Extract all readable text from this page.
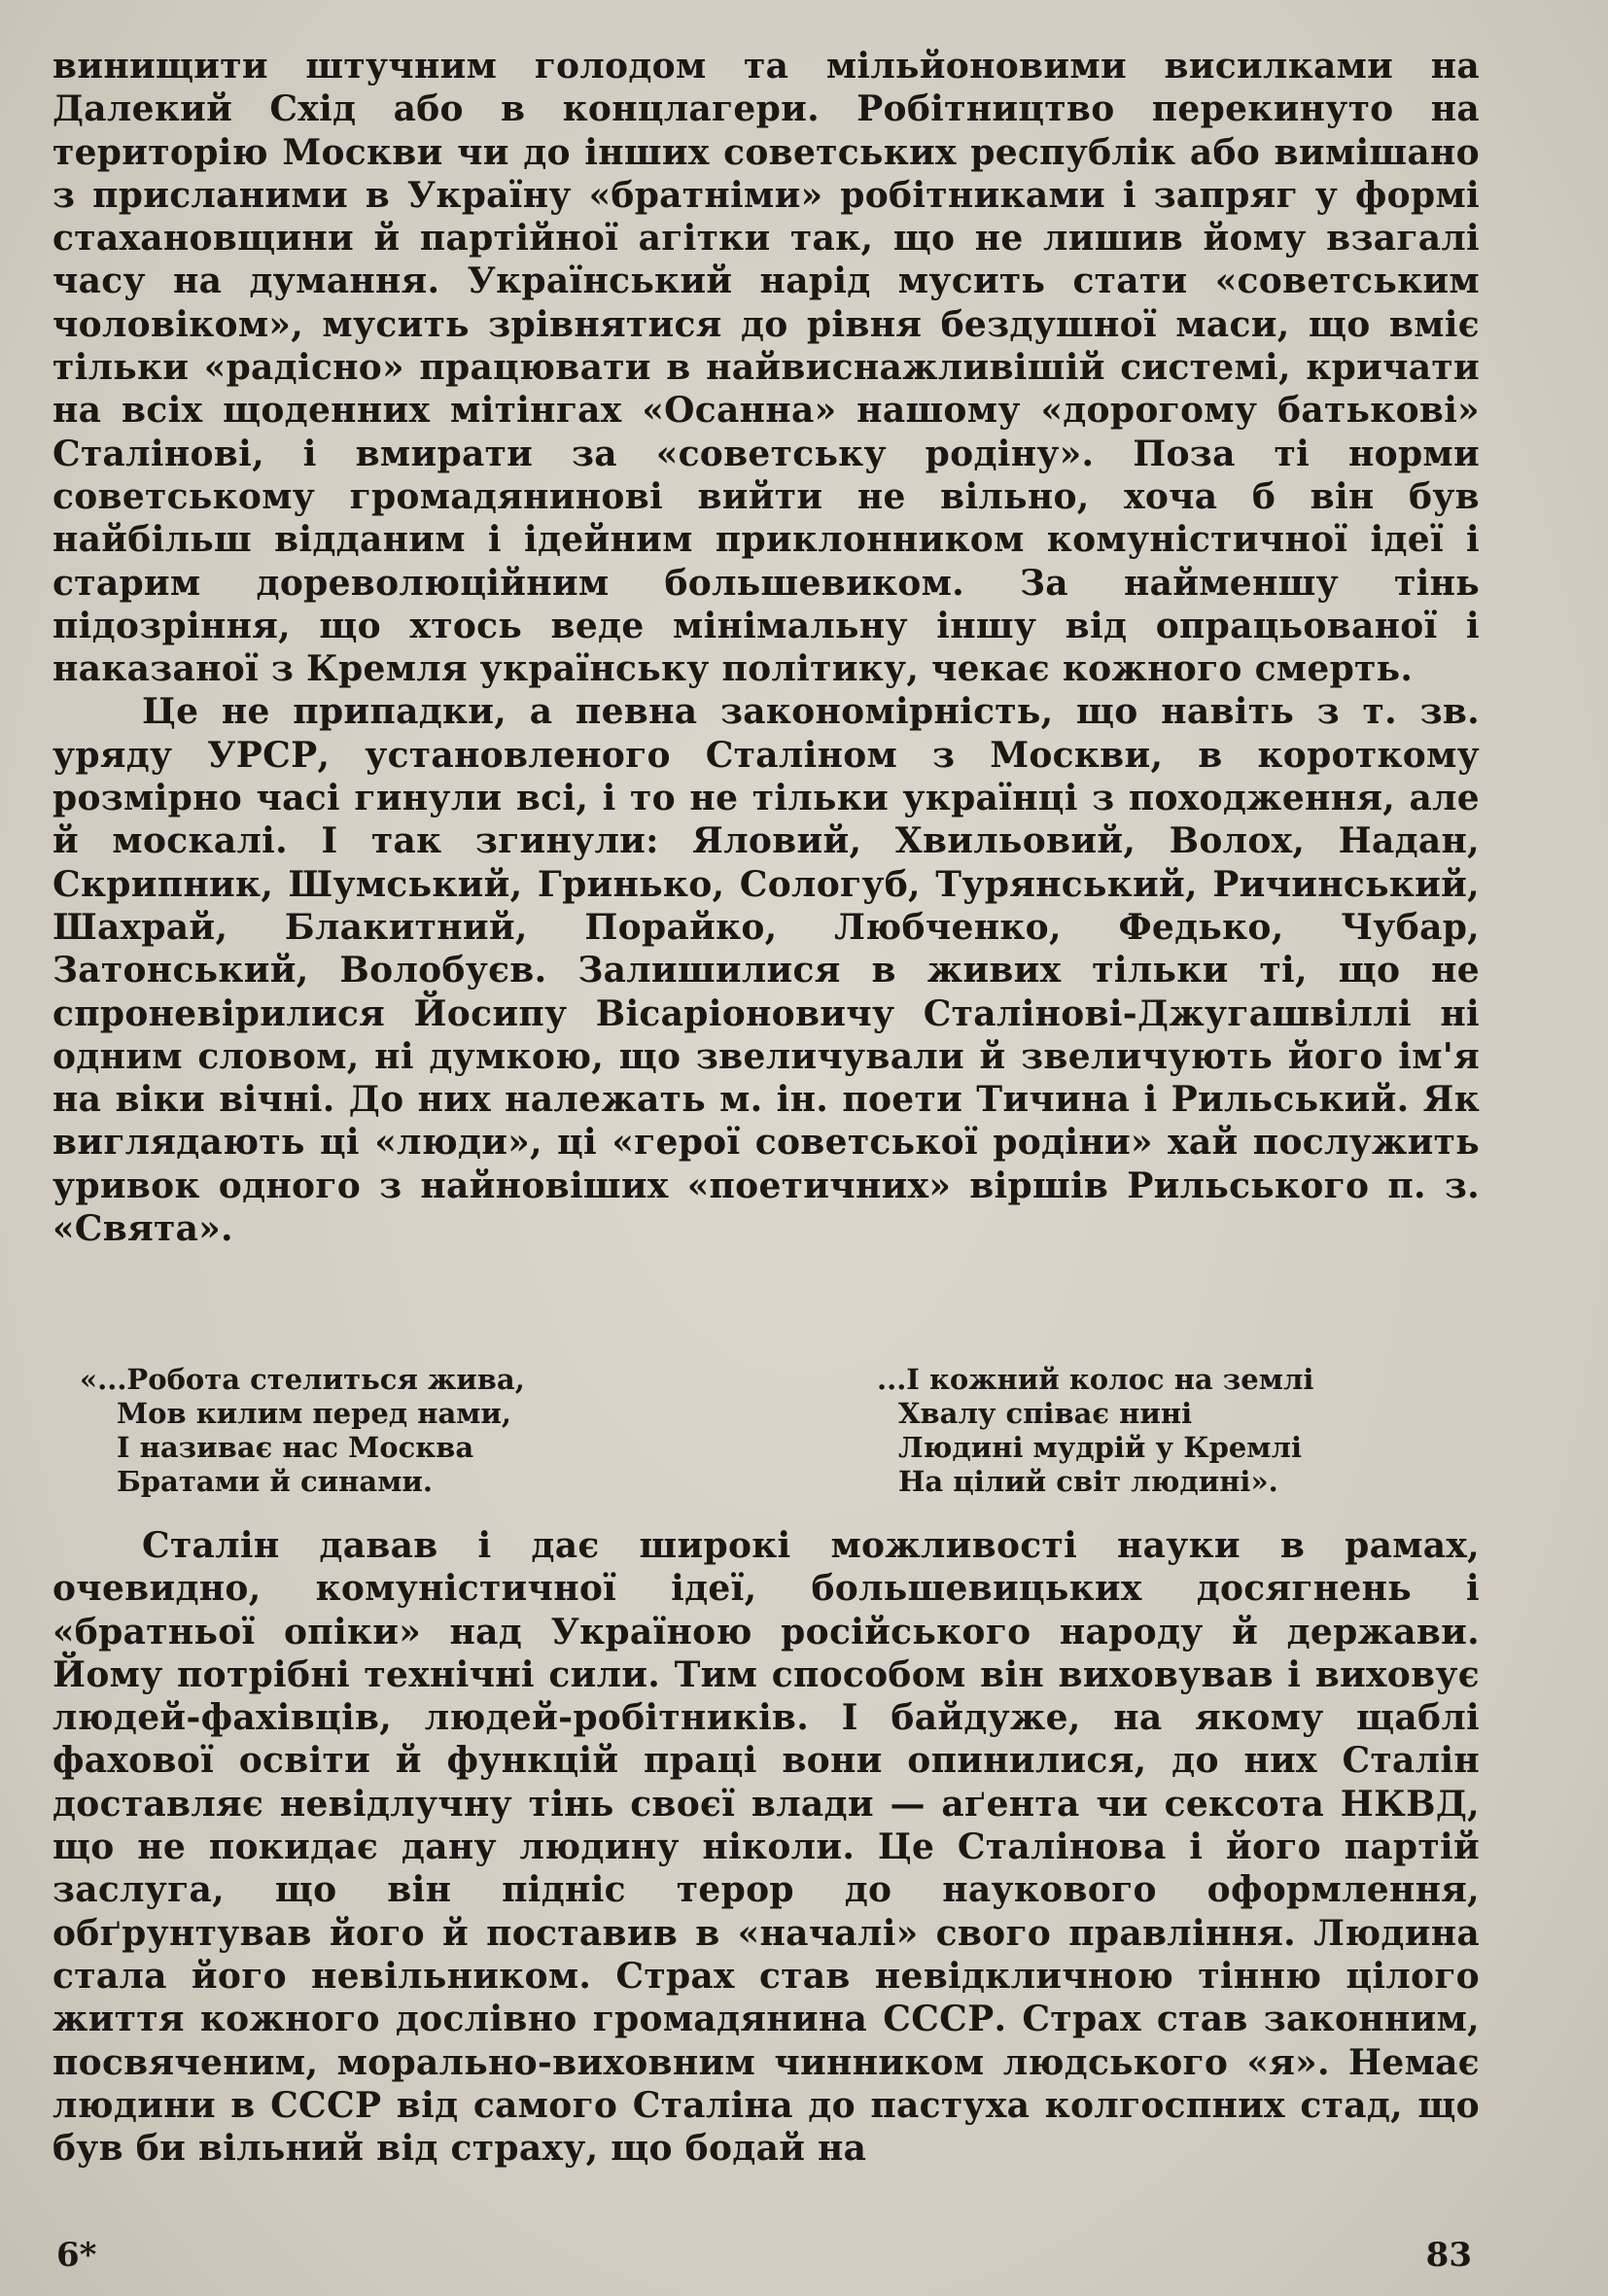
винищити штучним голодом та мільйоновими висилками на Далекий Схід або в концлагери. Робітництво перекинуто на територію Москви чи до інших советських республік або вимішано з присланими в Україну «братніми» робітниками і запряг у формі стахановщини й партійної агітки так, що не лишив йому взагалі часу на думання. Український нарід мусить стати «советським чоловіком», мусить зрівнятися до рівня бездушної маси, що вміє тільки «радісно» працювати в найвиснажливішій системі, кричати на всіх щоденних мітінгах «Осанна» нашому «дорогому батькові» Сталінові, і вмирати за «советську родіну». Поза ті норми советському громадянинові вийти не вільно, хоча б він був найбільш відданим і ідейним приклонником комуністичної ідеї і старим дореволюційним большевиком. За найменшу тінь підозріння, що хтось веде мінімальну іншу від опрацьованої і наказаної з Кремля українську політику, чекає кожного смерть.

Це не припадки, а певна закономірність, що навіть з т. зв. уряду УРСР, установленого Сталіном з Москви, в короткому розмірно часі гинули всі, і то не тільки українці з походження, але й москалі. І так згинули: Яловий, Хвильовий, Волох, Надан, Скрипник, Шумський, Гринько, Сологуб, Турянський, Ричинський, Шахрай, Блакитний, Порайко, Любченко, Федько, Чубар, Затонський, Волобуєв. Залишилися в живих тільки ті, що не спроневірилися Йосипу Вісаріоновичу Сталінові-Джугашвіллі ні одним словом, ні думкою, що звеличували й звеличують його ім'я на віки вічні. До них належать м. ін. поети Тичина і Рильський. Як виглядають ці «люди», ці «герої советської родіни» хай послужить уривок одного з найновіших «поетичних» віршів Рильського п. з. «Свята».

«...Робота стелиться жива,
Мов килим перед нами,
І називає нас Москва
Братами й синами.
...І кожний колос на землі
Хвалу співає нині
Людині мудрій у Кремлі
На цілий світ людині».

Сталін давав і дає широкі можливості науки в рамах, очевидно, комуністичної ідеї, большевицьких досягнень і «братньої опіки» над Україною російського народу й держави. Йому потрібні технічні сили. Тим способом він виховував і виховує людей-фахівців, людей-робітників. І байдуже, на якому щаблі фахової освіти й функцій праці вони опинилися, до них Сталін доставляє невідлучну тінь своєї влади — аґента чи сексота НКВД, що не покидає дану людину ніколи. Це Сталінова і його партій заслуга, що він підніс терор до наукового оформлення, обґрунтував його й поставив в «началі» свого правління. Людина стала його невільником. Страх став невідкличною тінню цілого життя кожного дослівно громадянина СССР. Страх став законним, посвяченим, морально-виховним чинником людського «я». Немає людини в СССР від самого Сталіна до пастуха колгоспних стад, що був би вільний від страху, що бодай на

6*	83
